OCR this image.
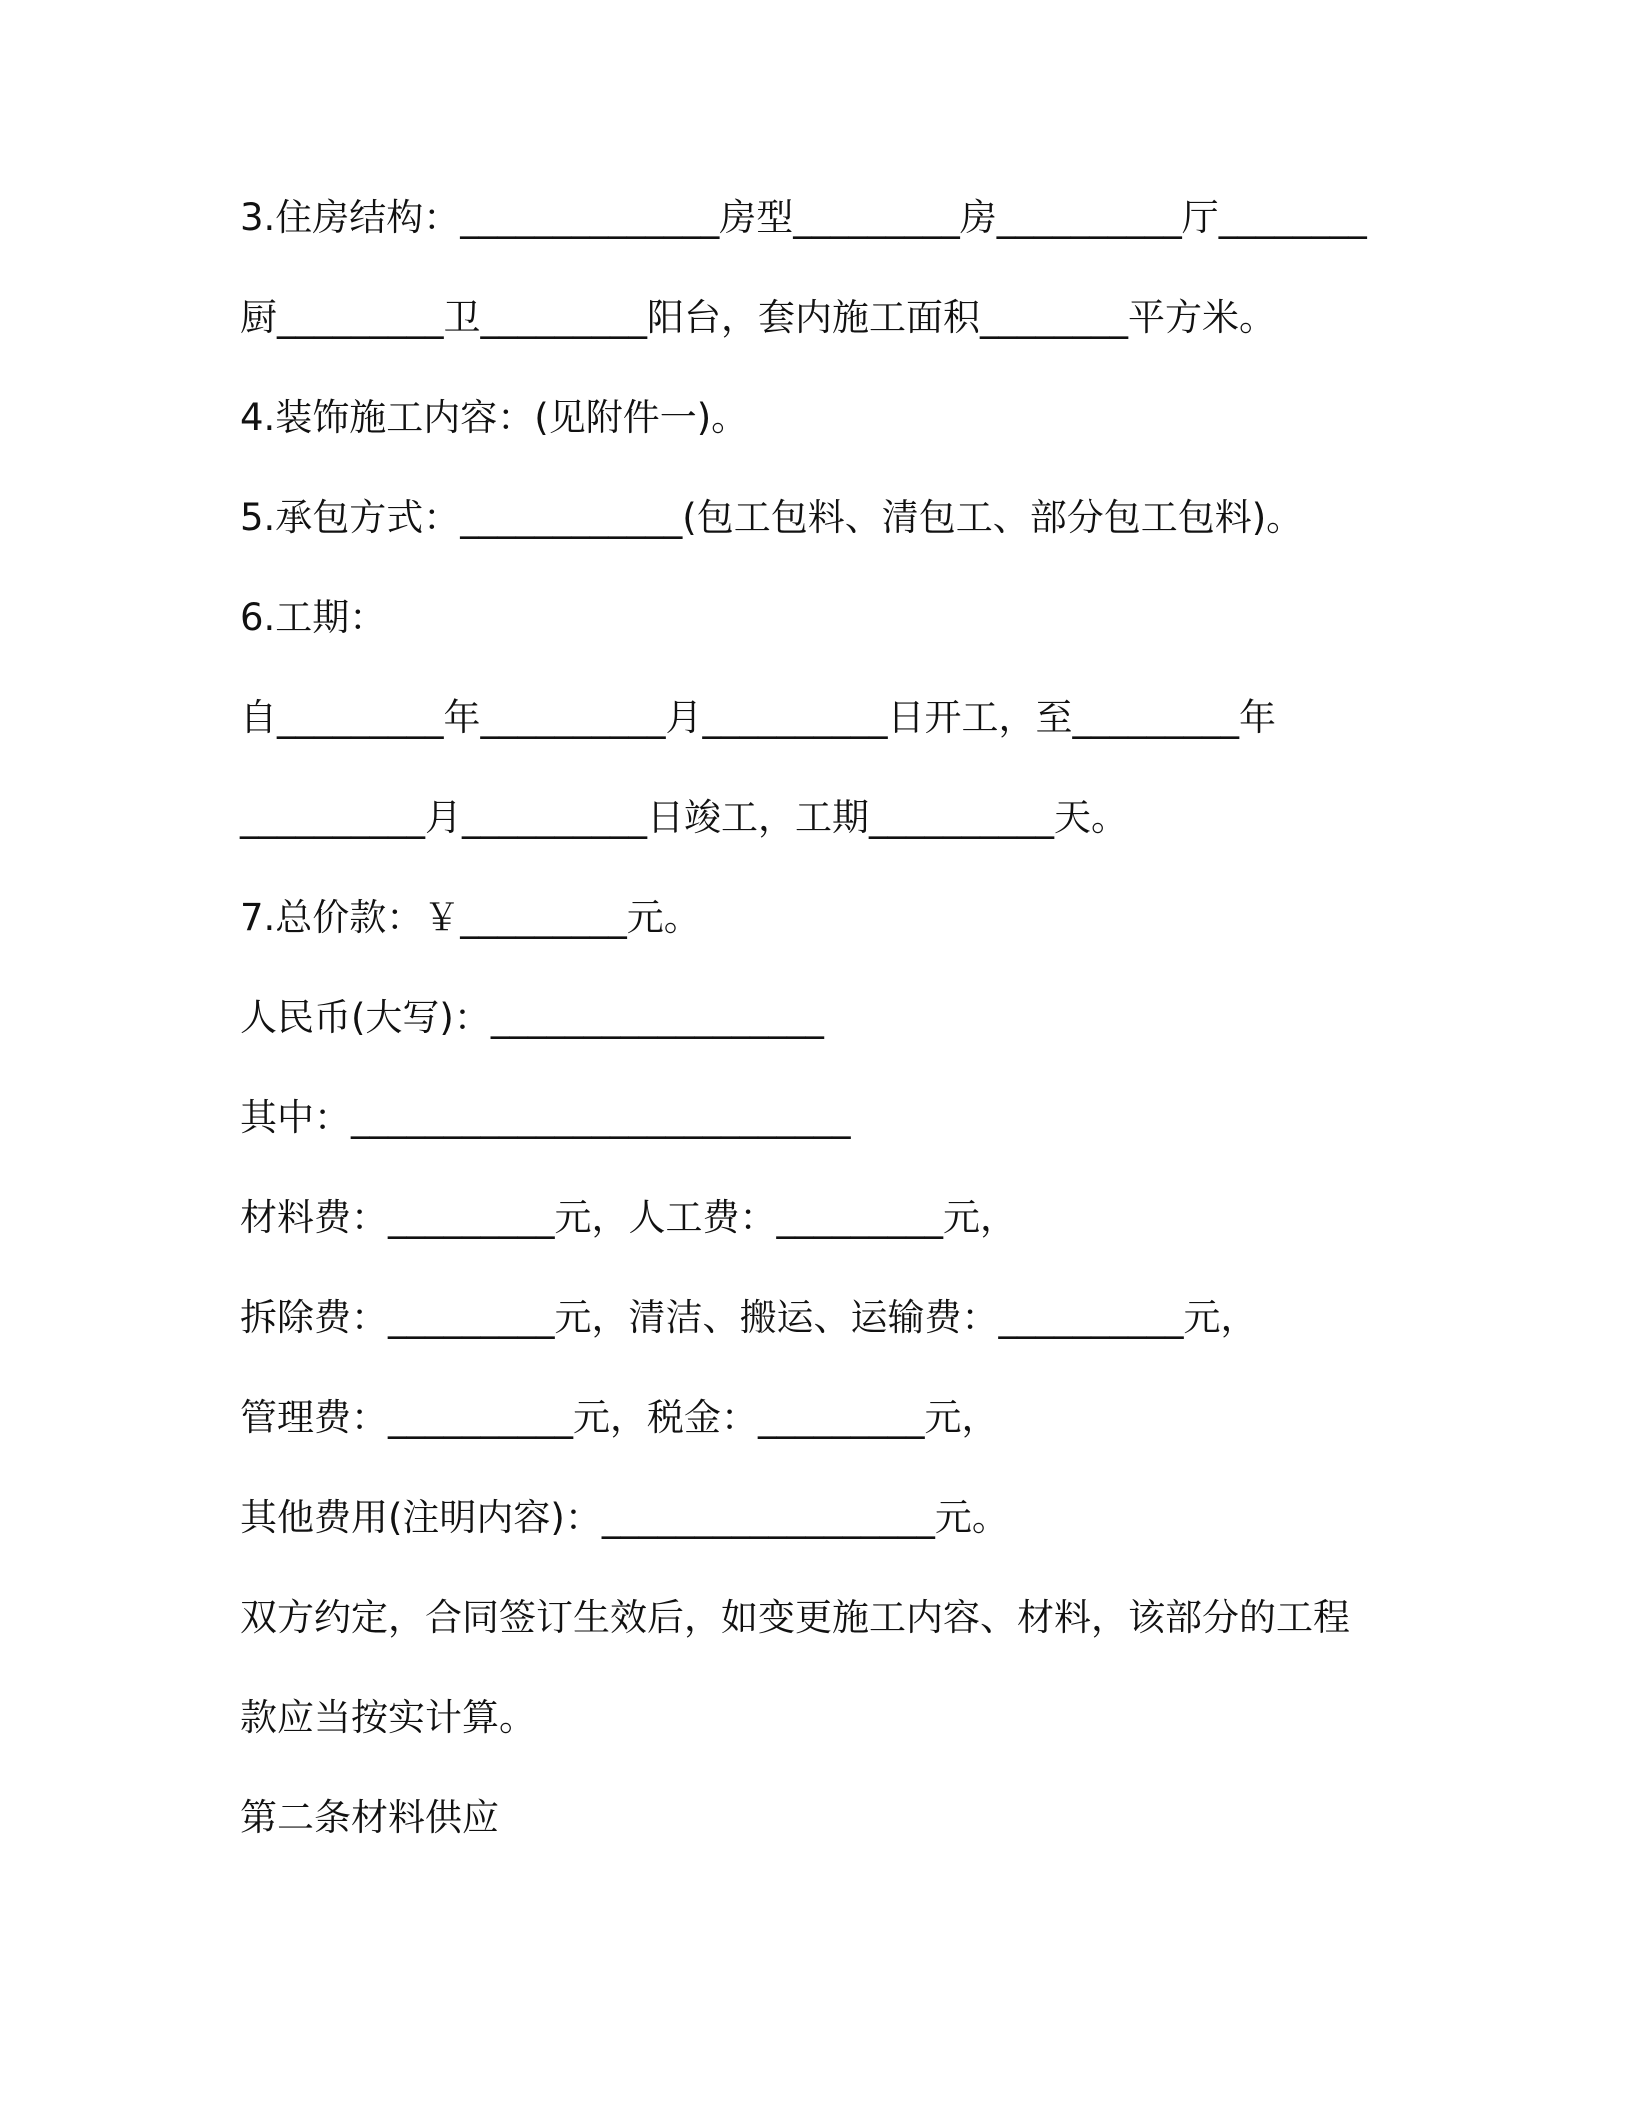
3.住房结构：______________房型_________房__________厅________
厨_________卫_________阳台，套内施工面积________平方米。
4.装饰施工内容：(见附件一)。
5.承包方式：____________(包工包料、清包工、部分包工包料)。
6.工期：
自_________年__________月__________日开工，至_________年
__________月__________日竣工，工期__________天。
7.总价款：￥_________元。
人民币(大写)：__________________
其中：___________________________
材料费：_________元，人工费：_________元，
拆除费：_________元，清洁、搬运、运输费：__________元，
管理费：__________元，税金：_________元，
其他费用(注明内容)：__________________元。
双方约定，合同签订生效后，如变更施工内容、材料，该部分的工程
款应当按实计算。
第二条材料供应
